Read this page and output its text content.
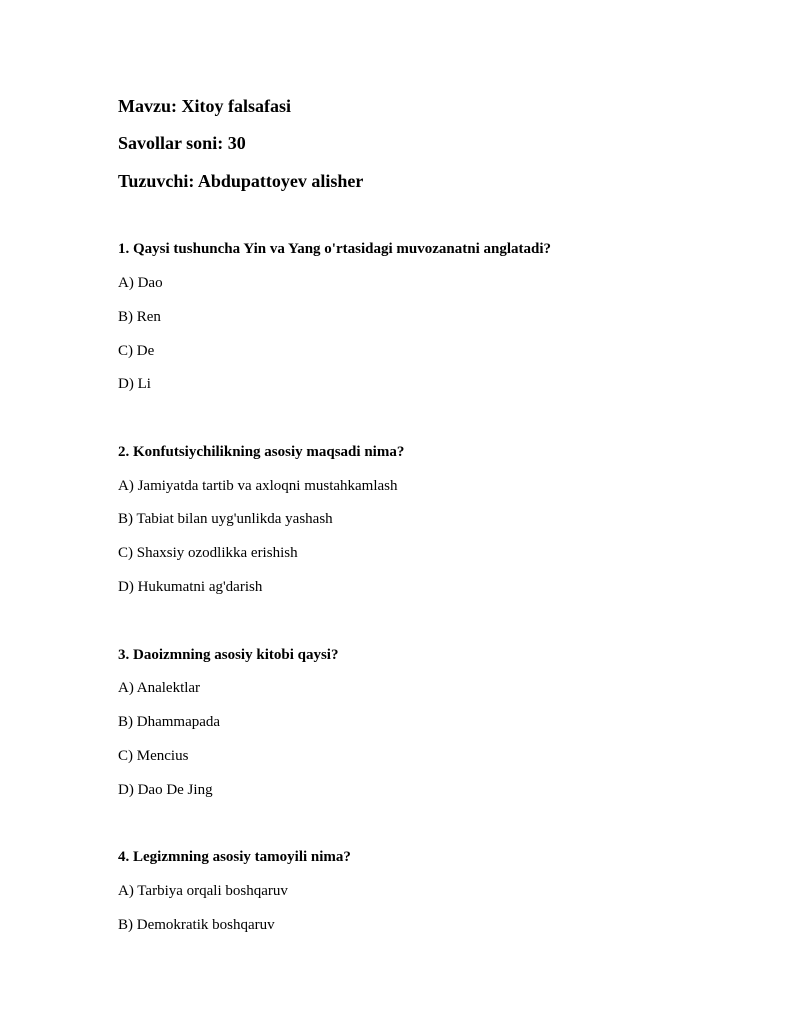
Mavzu: Xitoy falsafasi
Savollar soni: 30
Tuzuvchi: Abdupattoyev alisher
1. Qaysi tushuncha Yin va Yang o'rtasidagi muvozanatni anglatadi?
A) Dao
B) Ren
C) De
D) Li
2. Konfutsiychilikning asosiy maqsadi nima?
A) Jamiyatda tartib va axloqni mustahkamlash
B) Tabiat bilan uyg'unlikda yashash
C) Shaxsiy ozodlikka erishish
D) Hukumatni ag'darish
3. Daoizmning asosiy kitobi qaysi?
A) Analektlar
B) Dhammapada
C) Mencius
D) Dao De Jing
4. Legizmning asosiy tamoyili nima?
A) Tarbiya orqali boshqaruv
B) Demokratik boshqaruv
